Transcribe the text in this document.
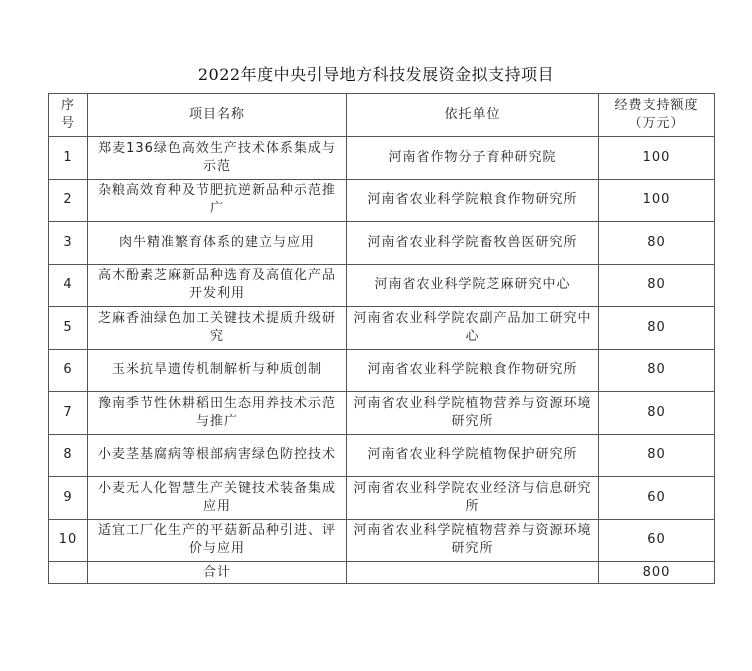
2022年度中央引导地方科技发展资金拟支持项目
序号	项目名称	依托单位	经费支持额度（万元）
1	郑麦136绿色高效生产技术体系集成与示范	河南省作物分子育种研究院	100
2	杂粮高效育种及节肥抗逆新品种示范推广	河南省农业科学院粮食作物研究所	100
3	肉牛精准繁育体系的建立与应用	河南省农业科学院畜牧兽医研究所	80
4	高木酚素芝麻新品种选育及高值化产品开发利用	河南省农业科学院芝麻研究中心	80
5	芝麻香油绿色加工关键技术提质升级研究	河南省农业科学院农副产品加工研究中心	80
6	玉米抗旱遗传机制解析与种质创制	河南省农业科学院粮食作物研究所	80
7	豫南季节性休耕稻田生态用养技术示范与推广	河南省农业科学院植物营养与资源环境研究所	80
8	小麦茎基腐病等根部病害绿色防控技术	河南省农业科学院植物保护研究所	80
9	小麦无人化智慧生产关键技术装备集成应用	河南省农业科学院农业经济与信息研究所	60
10	适宜工厂化生产的平菇新品种引进、评价与应用	河南省农业科学院植物营养与资源环境研究所	60
	合计		800
